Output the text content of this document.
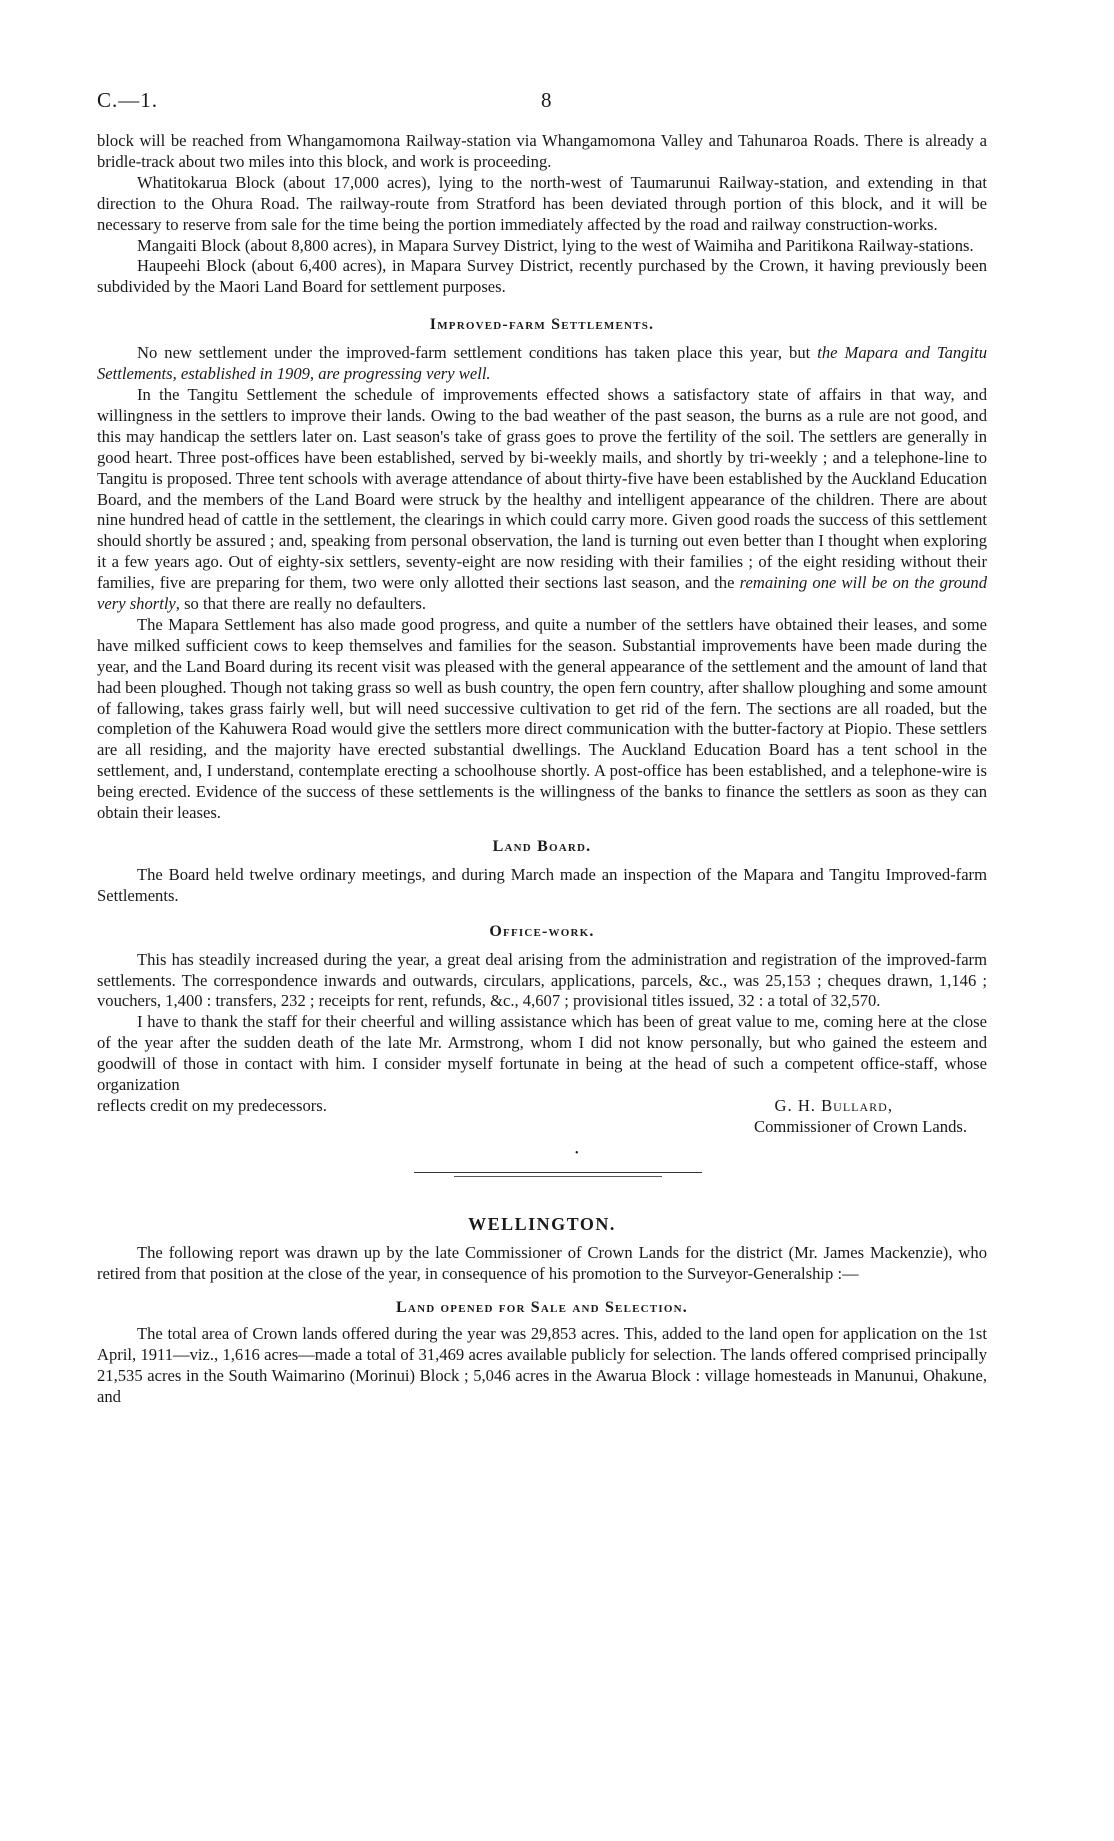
C.—1.	8

block will be reached from Whangamomona Railway-station via Whangamomona Valley and Tahunaroa Roads. There is already a bridle-track about two miles into this block, and work is proceeding.

Whatitokarua Block (about 17,000 acres), lying to the north-west of Taumarunui Railway-station, and extending in that direction to the Ohura Road. The railway-route from Stratford has been deviated through portion of this block, and it will be necessary to reserve from sale for the time being the portion immediately affected by the road and railway construction-works.

Mangaiti Block (about 8,800 acres), in Mapara Survey District, lying to the west of Waimiha and Paritikona Railway-stations.

Haupeehi Block (about 6,400 acres), in Mapara Survey District, recently purchased by the Crown, it having previously been subdivided by the Maori Land Board for settlement purposes.

Improved-farm Settlements.

No new settlement under the improved-farm settlement conditions has taken place this year, but the Mapara and Tangitu Settlements, established in 1909, are progressing very well.

In the Tangitu Settlement the schedule of improvements effected shows a satisfactory state of affairs in that way, and willingness in the settlers to improve their lands. Owing to the bad weather of the past season, the burns as a rule are not good, and this may handicap the settlers later on. Last season's take of grass goes to prove the fertility of the soil. The settlers are generally in good heart. Three post-offices have been established, served by bi-weekly mails, and shortly by tri-weekly ; and a telephone-line to Tangitu is proposed. Three tent schools with average attendance of about thirty-five have been established by the Auckland Education Board, and the members of the Land Board were struck by the healthy and intelligent appearance of the children. There are about nine hundred head of cattle in the settlement, the clearings in which could carry more. Given good roads the success of this settlement should shortly be assured ; and, speaking from personal observation, the land is turning out even better than I thought when exploring it a few years ago. Out of eighty-six settlers, seventy-eight are now residing with their families ; of the eight residing without their families, five are preparing for them, two were only allotted their sections last season, and the remaining one will be on the ground very shortly, so that there are really no defaulters.

The Mapara Settlement has also made good progress, and quite a number of the settlers have obtained their leases, and some have milked sufficient cows to keep themselves and families for the season. Substantial improvements have been made during the year, and the Land Board during its recent visit was pleased with the general appearance of the settlement and the amount of land that had been ploughed. Though not taking grass so well as bush country, the open fern country, after shallow ploughing and some amount of fallowing, takes grass fairly well, but will need successive cultivation to get rid of the fern. The sections are all roaded, but the completion of the Kahuwera Road would give the settlers more direct communication with the butter-factory at Piopio. These settlers are all residing, and the majority have erected substantial dwellings. The Auckland Education Board has a tent school in the settlement, and, I understand, contemplate erecting a schoolhouse shortly. A post-office has been established, and a telephone-wire is being erected. Evidence of the success of these settlements is the willingness of the banks to finance the settlers as soon as they can obtain their leases.

Land Board.

The Board held twelve ordinary meetings, and during March made an inspection of the Mapara and Tangitu Improved-farm Settlements.

Office-work.

This has steadily increased during the year, a great deal arising from the administration and registration of the improved-farm settlements. The correspondence inwards and outwards, circulars, applications, parcels, &c., was 25,153 ; cheques drawn, 1,146 ; vouchers, 1,400 : transfers, 232 ; receipts for rent, refunds, &c., 4,607 ; provisional titles issued, 32 : a total of 32,570.

I have to thank the staff for their cheerful and willing assistance which has been of great value to me, coming here at the close of the year after the sudden death of the late Mr. Armstrong, whom I did not know personally, but who gained the esteem and goodwill of those in contact with him. I consider myself fortunate in being at the head of such a competent office-staff, whose organization

reflects credit on my predecessors.	G. H. Bullard,
Commissioner of Crown Lands.
•
WELLINGTON.

The following report was drawn up by the late Commissioner of Crown Lands for the district (Mr. James Mackenzie), who retired from that position at the close of the year, in consequence of his promotion to the Surveyor-Generalship :—

Land opened for Sale and Selection.

The total area of Crown lands offered during the year was 29,853 acres. This, added to the land open for application on the 1st April, 1911—viz., 1,616 acres—made a total of 31,469 acres available publicly for selection. The lands offered comprised principally 21,535 acres in the South Waimarino (Morinui) Block ; 5,046 acres in the Awarua Block : village homesteads in Manunui, Ohakune, and
